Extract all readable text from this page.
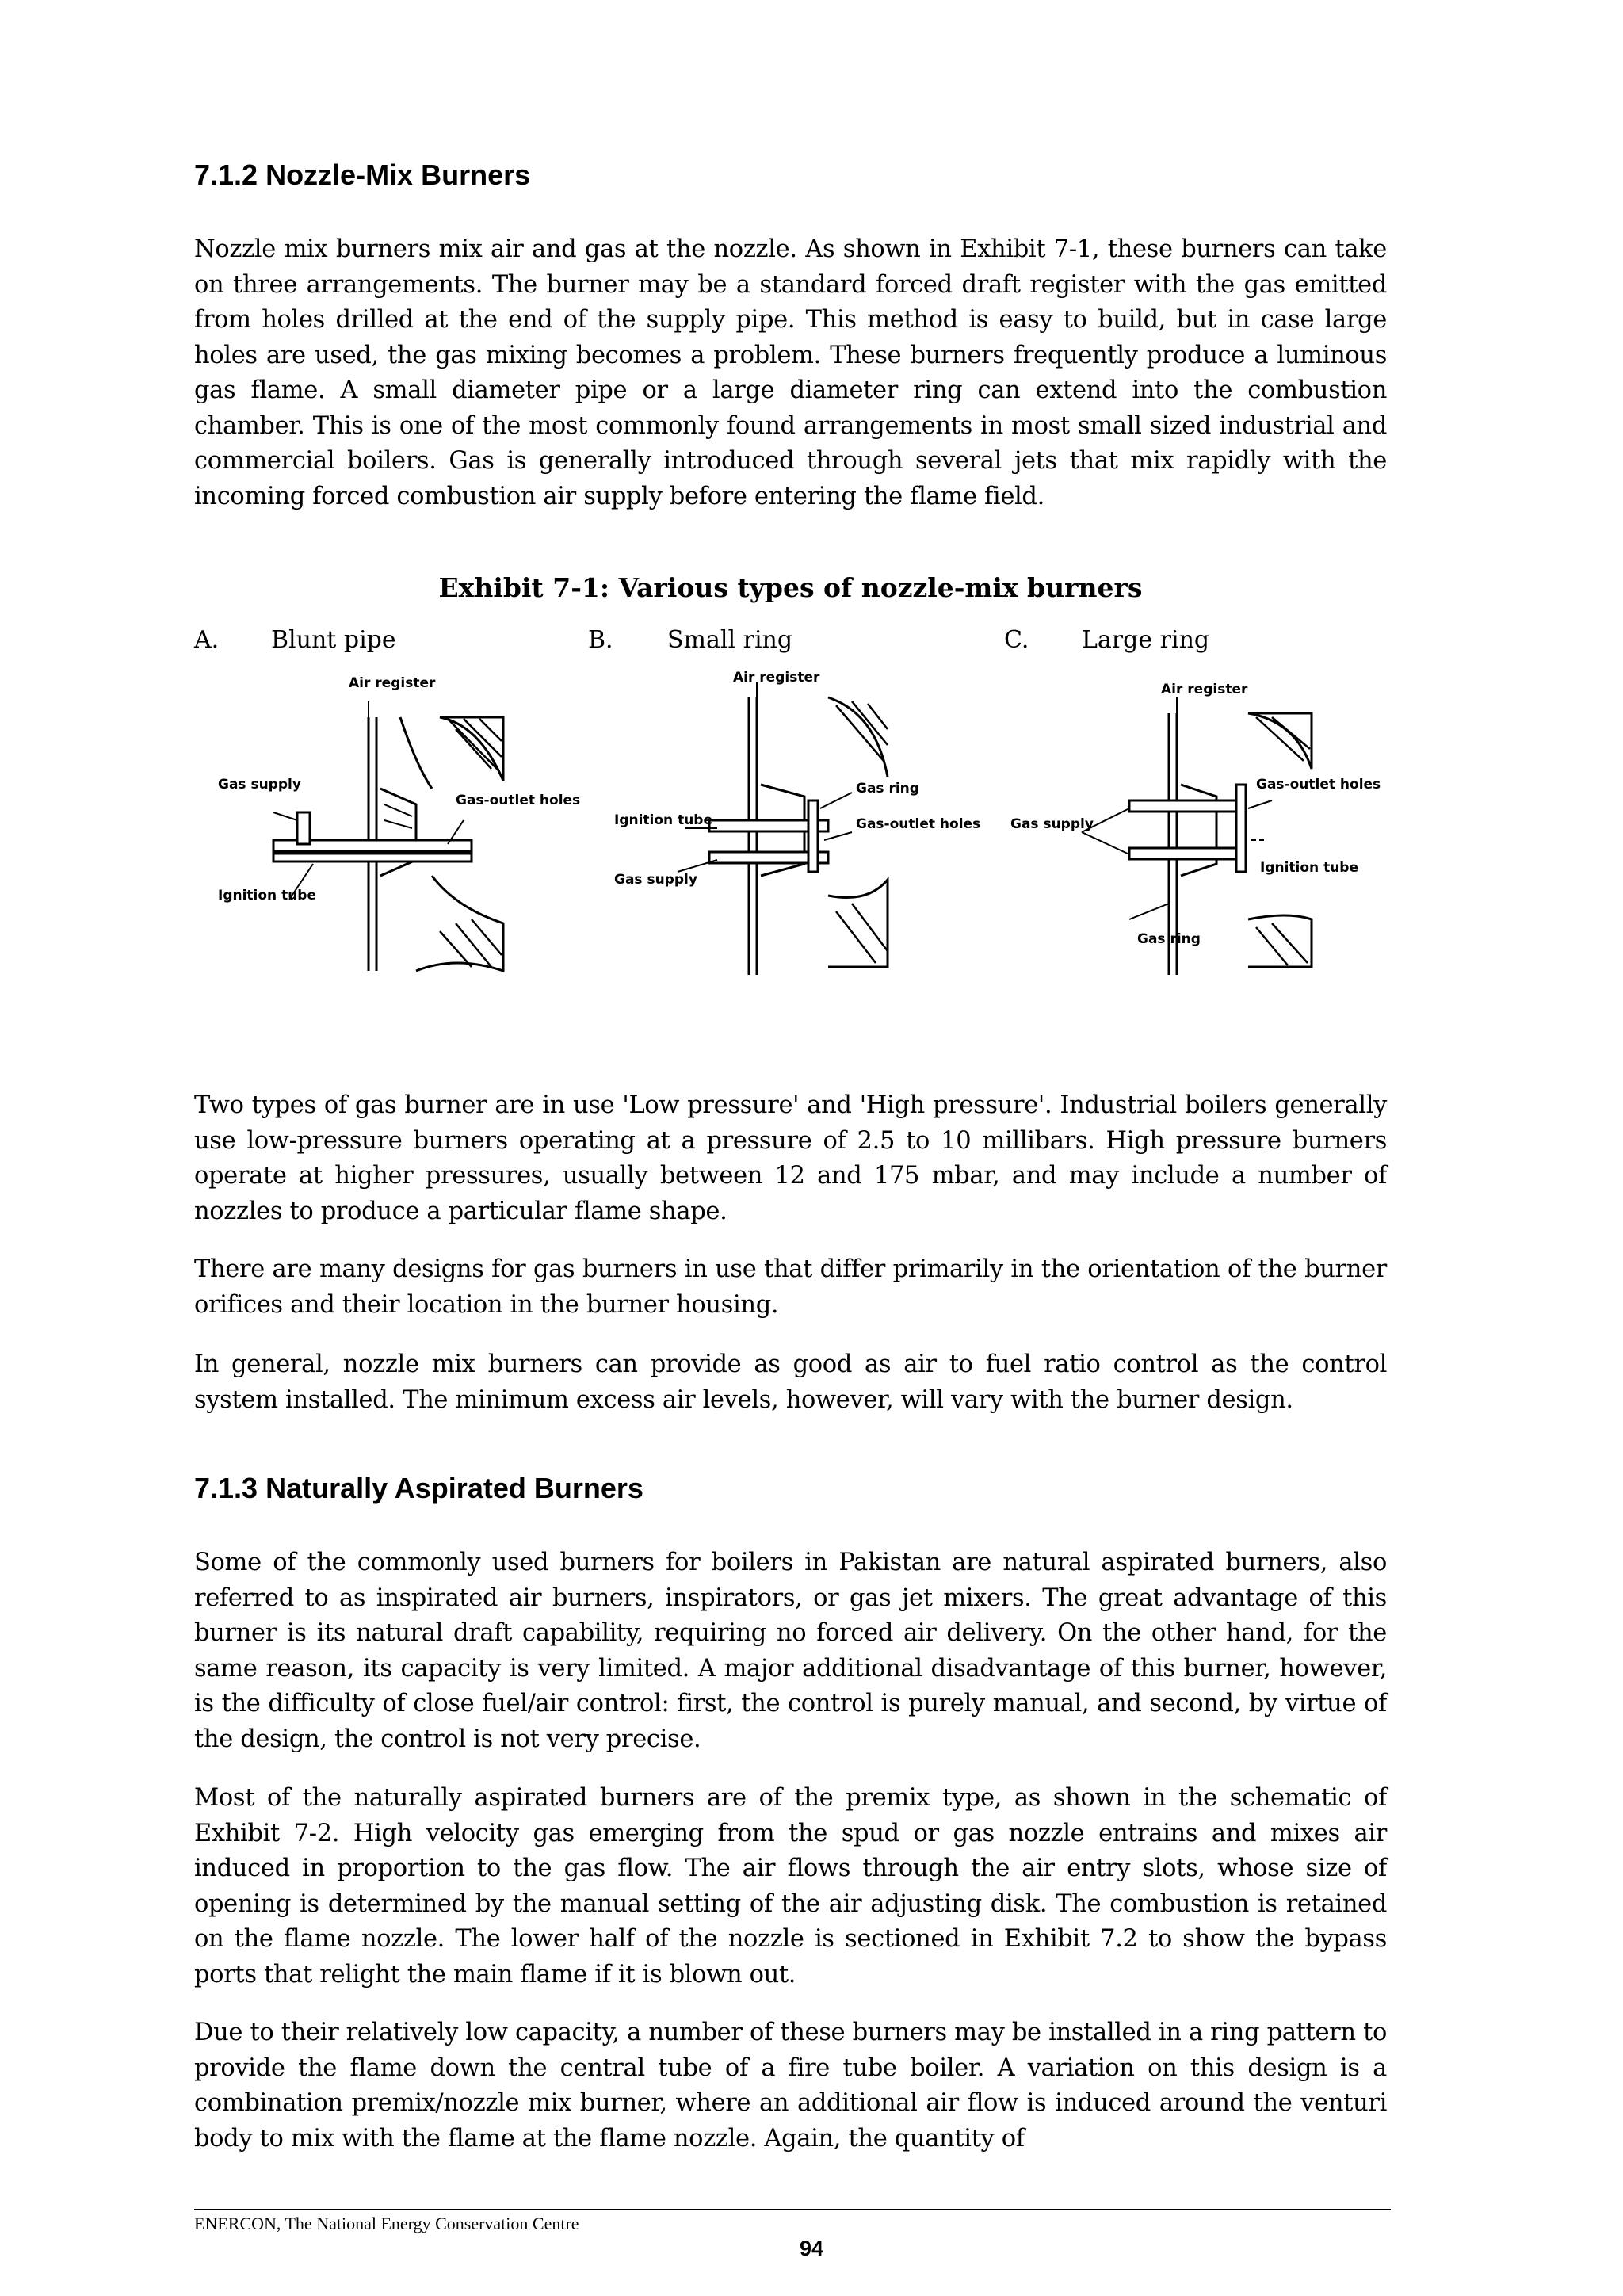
7.1.2 Nozzle-Mix Burners

Nozzle mix burners mix air and gas at the nozzle. As shown in Exhibit 7-1, these burners can take on three arrangements. The burner may be a standard forced draft register with the gas emitted from holes drilled at the end of the supply pipe. This method is easy to build, but in case large holes are used, the gas mixing becomes a problem. These burners frequently produce a luminous gas flame. A small diameter pipe or a large diameter ring can extend into the combustion chamber. This is one of the most commonly found arrangements in most small sized industrial and commercial boilers. Gas is generally introduced through several jets that mix rapidly with the incoming forced combustion air supply before entering the flame field.

Exhibit 7-1: Various types of nozzle-mix burners
A. Blunt pipe	B. Small ring	C. Large ring
Air register
Gas supply
Gas-outlet holes
Ignition tube
Air register
Gas ring
Ignition tube	Gas-outlet holes
Gas supply
Air register
Gas-outlet holes
Gas supply
Ignition tube
Gas ring

Two types of gas burner are in use 'Low pressure' and 'High pressure'. Industrial boilers generally use low-pressure burners operating at a pressure of 2.5 to 10 millibars. High pressure burners operate at higher pressures, usually between 12 and 175 mbar, and may include a number of nozzles to produce a particular flame shape.

There are many designs for gas burners in use that differ primarily in the orientation of the burner orifices and their location in the burner housing.

In general, nozzle mix burners can provide as good as air to fuel ratio control as the control system installed. The minimum excess air levels, however, will vary with the burner design.

7.1.3 Naturally Aspirated Burners

Some of the commonly used burners for boilers in Pakistan are natural aspirated burners, also referred to as inspirated air burners, inspirators, or gas jet mixers. The great advantage of this burner is its natural draft capability, requiring no forced air delivery. On the other hand, for the same reason, its capacity is very limited. A major additional disadvantage of this burner, however, is the difficulty of close fuel/air control: first, the control is purely manual, and second, by virtue of the design, the control is not very precise.

Most of the naturally aspirated burners are of the premix type, as shown in the schematic of Exhibit 7-2. High velocity gas emerging from the spud or gas nozzle entrains and mixes air induced in proportion to the gas flow. The air flows through the air entry slots, whose size of opening is determined by the manual setting of the air adjusting disk. The combustion is retained on the flame nozzle. The lower half of the nozzle is sectioned in Exhibit 7.2 to show the bypass ports that relight the main flame if it is blown out.

Due to their relatively low capacity, a number of these burners may be installed in a ring pattern to provide the flame down the central tube of a fire tube boiler. A variation on this design is a combination premix/nozzle mix burner, where an additional air flow is induced around the venturi body to mix with the flame at the flame nozzle. Again, the quantity of

ENERCON, The National Energy Conservation Centre
94
